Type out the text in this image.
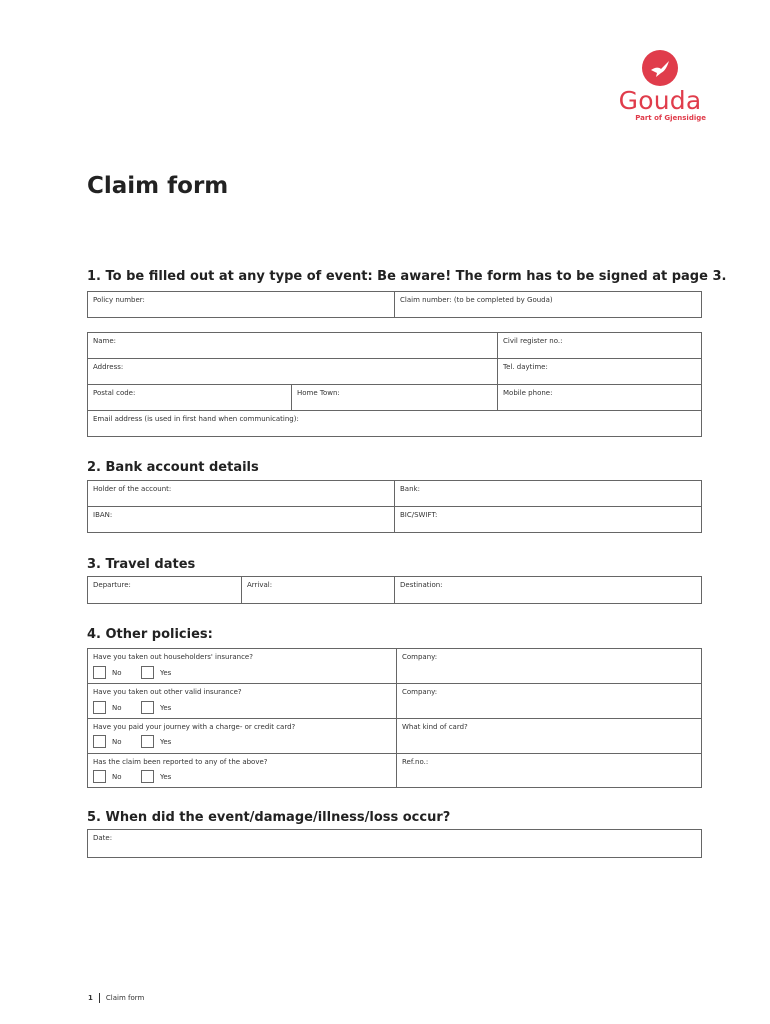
Gouda
Part of Gjensidige
Claim form
1. To be filled out at any type of event: Be aware! The form has to be signed at page 3.
Policy number:	Claim number: (to be completed by Gouda)
Name:	Civil register no.:
Address:	Tel. daytime:
Postal code:	Home Town:	Mobile phone:
Email address (is used in first hand when communicating):
2. Bank account details
Holder of the account:	Bank:
IBAN:	BIC/SWIFT:
3. Travel dates
Departure:	Arrival:	Destination:
4. Other policies:
Have you taken out householders' insurance?
No	Yes
Company:
Have you taken out other valid insurance?
No	Yes
Company:
Have you paid your journey with a charge- or credit card?
No	Yes
What kind of card?
Has the claim been reported to any of the above?
No	Yes
Ref.no.:
5. When did the event/damage/illness/loss occur?
Date:
1 Claim form
